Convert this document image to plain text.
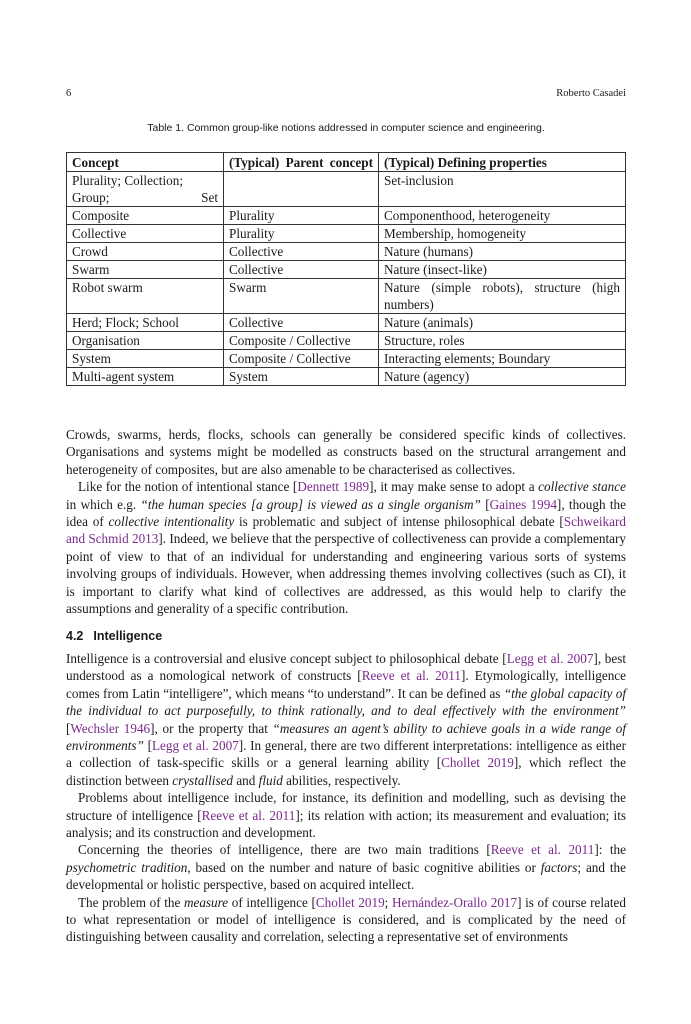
6	Roberto Casadei
Table 1. Common group-like notions addressed in computer science and engineering.
Concept	(Typical) Parent concept	(Typical) Defining properties
Plurality; Collection; Group; Set		Set-inclusion
Composite	Plurality	Componenthood, heterogeneity
Collective	Plurality	Membership, homogeneity
Crowd	Collective	Nature (humans)
Swarm	Collective	Nature (insect-like)
Robot swarm	Swarm	Nature (simple robots), structure (high numbers)
Herd; Flock; School	Collective	Nature (animals)
Organisation	Composite / Collective	Structure, roles
System	Composite / Collective	Interacting elements; Boundary
Multi-agent system	System	Nature (agency)

Crowds, swarms, herds, flocks, schools can generally be considered specific kinds of collectives. Organisations and systems might be modelled as constructs based on the structural arrangement and heterogeneity of composites, but are also amenable to be characterised as collectives.

Like for the notion of intentional stance [Dennett 1989], it may make sense to adopt a collective stance in which e.g. “the human species [a group] is viewed as a single organism” [Gaines 1994], though the idea of collective intentionality is problematic and subject of intense philosophical debate [Schweikard and Schmid 2013]. Indeed, we believe that the perspective of collectiveness can provide a complementary point of view to that of an individual for understanding and engineering various sorts of systems involving groups of individuals. However, when addressing themes involving collectives (such as CI), it is important to clarify what kind of collectives are addressed, as this would help to clarify the assumptions and generality of a specific contribution.

4.2 Intelligence

Intelligence is a controversial and elusive concept subject to philosophical debate [Legg et al. 2007], best understood as a nomological network of constructs [Reeve et al. 2011]. Etymologically, intelligence comes from Latin “intelligere”, which means “to understand”. It can be defined as “the global capacity of the individual to act purposefully, to think rationally, and to deal effectively with the environment” [Wechsler 1946], or the property that “measures an agent’s ability to achieve goals in a wide range of environments” [Legg et al. 2007]. In general, there are two different interpretations: intelligence as either a collection of task-specific skills or a general learning ability [Chollet 2019], which reflect the distinction between crystallised and fluid abilities, respectively.

Problems about intelligence include, for instance, its definition and modelling, such as devising the structure of intelligence [Reeve et al. 2011]; its relation with action; its measurement and evaluation; its analysis; and its construction and development.

Concerning the theories of intelligence, there are two main traditions [Reeve et al. 2011]: the psychometric tradition, based on the number and nature of basic cognitive abilities or factors; and the developmental or holistic perspective, based on acquired intellect.

The problem of the measure of intelligence [Chollet 2019; Hernández-Orallo 2017] is of course related to what representation or model of intelligence is considered, and is complicated by the need of distinguishing between causality and correlation, selecting a representative set of environments
